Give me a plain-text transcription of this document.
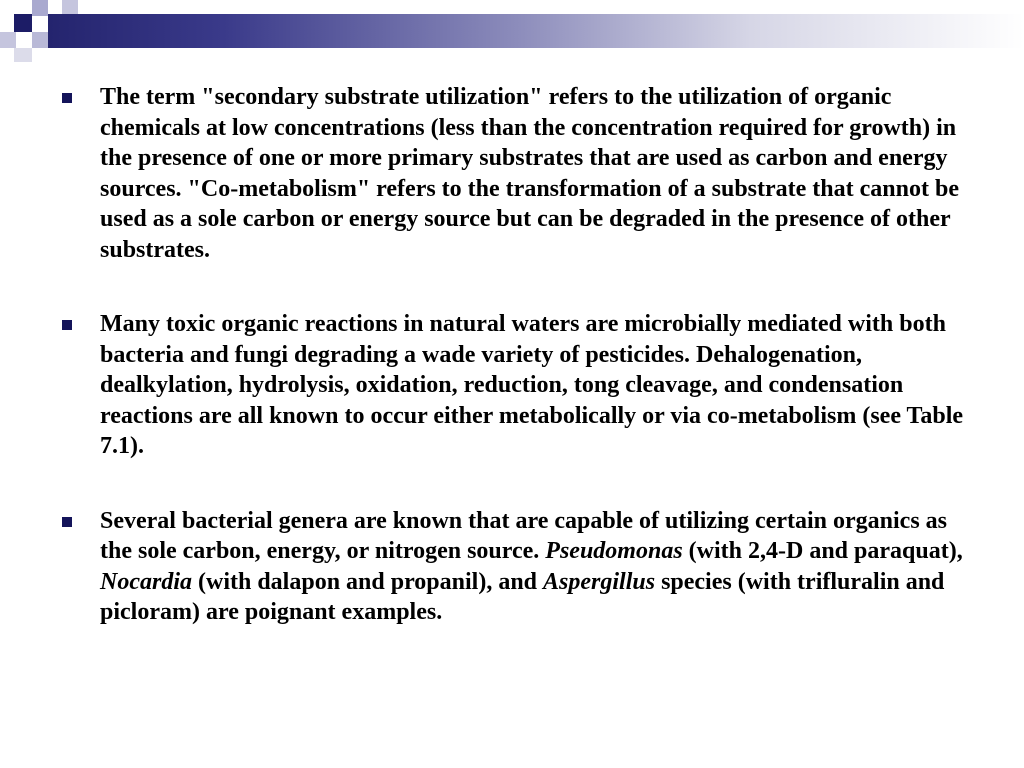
The term "secondary substrate utilization" refers to the utilization of organic chemicals at low concentrations (less than the concentration required for growth) in the presence of one or more primary substrates that are used as carbon and energy sources. "Co-metabolism" refers to the transformation of a substrate that cannot be used as a sole carbon or energy source but can be degraded in the presence of other substrates.
Many toxic organic reactions in natural waters are microbially mediated with both bacteria and fungi degrading a wade variety of pesticides. Dehalogenation, dealkylation, hydrolysis, oxidation, reduction, tong cleavage, and condensation reactions are all known to occur either metabolically or via co-metabolism (see Table 7.1).
Several bacterial genera are known that are capable of utilizing certain organics as the sole carbon, energy, or nitrogen source. Pseudomonas (with 2,4-D and paraquat), Nocardia (with dalapon and propanil), and Aspergillus species (with trifluralin and picloram) are poignant examples.
